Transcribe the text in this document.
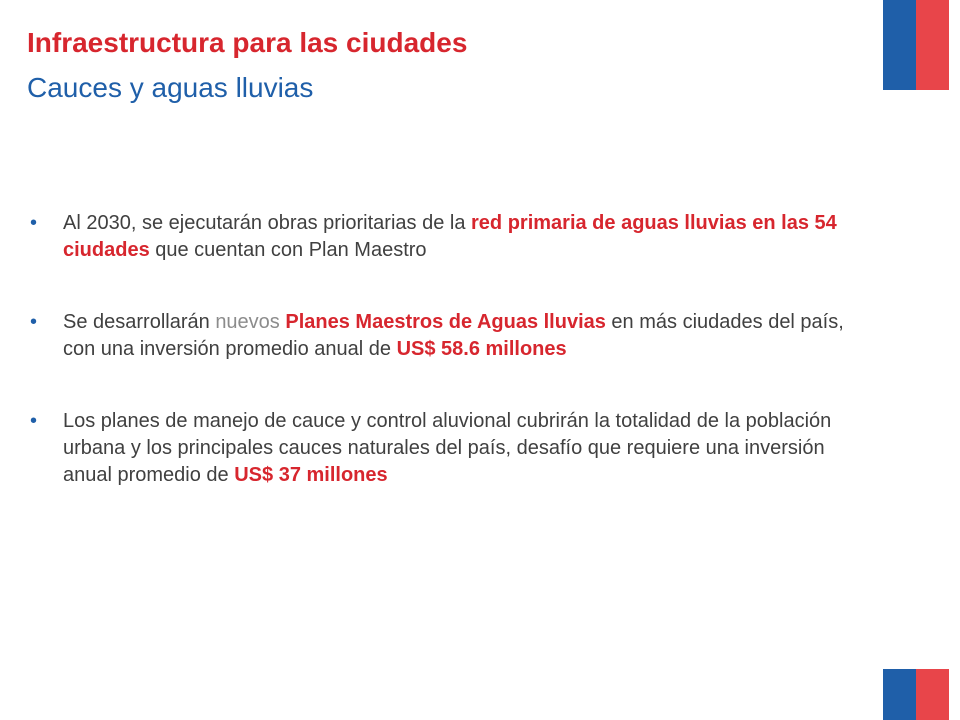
Infraestructura para las ciudades
Cauces y aguas lluvias
• Al 2030, se ejecutarán obras prioritarias de la red primaria de aguas lluvias en las 54 ciudades que cuentan con Plan Maestro
• Se desarrollarán nuevos Planes Maestros de Aguas lluvias en más ciudades del país, con una inversión promedio anual de US$ 58.6 millones
• Los planes de manejo de cauce y control aluvional cubrirán la totalidad de la población urbana y los principales cauces naturales del país, desafío que requiere una inversión anual promedio de US$ 37 millones
